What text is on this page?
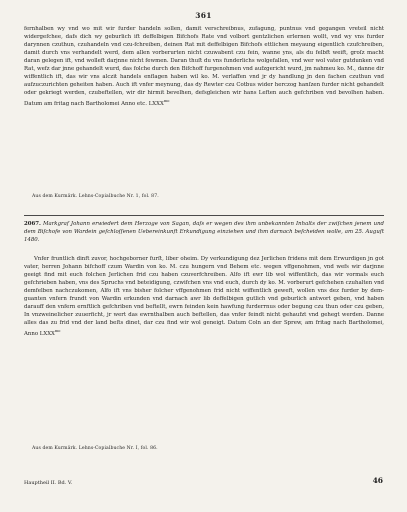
361

fernhalben wy vnd wo mit wir furder handeln sollen, damit verschreibnus, zufagung, puntnus vnd gegangen vreteil nicht widergefchee, dafs dich wy geburlich ift deffelbigen Bifchofs Rate vnd volbort gentzlichen erlernen wollt, vnd wy vns furder darynnen czuthun, czuhandeln vnd czu-fchreiben, deinen Rat mit deffelbigen Bifchofs ettlichen meyaung eigentlich czufchreiben, damit durch vns verhandelt werd, dem allen vorberurten nicht czuwabent czu fein, wanne yns, als du felbft weift, groſz macht daran gelegen ift, vnd wolleft darjnne nicht fewmen. Daran thuſt du vns funderlichs wolgefallen, vnd wer wol vater gutdunken vnd Rat, wefz dar jnne gehandelt wurd, das folche durch den Bifchoff furgenohmen vnd aufzgericht wurd, jm nahmeu ko. M., danne dir wiffentlich ift, das wir vns alczit handels enflagen haben wil ko. M. verlaffen vnd jr dy handlung jn den fachen czuthun vnd aufzuczurichten geheiten haben. Auch ift vnfer meynung, das dy Rewter czu Cotbus wider herczog hanſzen furder nicht gehandelt oder gekriegt werden, czubeftellen, wir dir hirmit bevelhen, defsgleichen wir hans Leften auch gefchriben vnd bevolhen haben. Datum am fritag nach Bartholomei Anno etc. $LXXX^{mo}$

Aus dem Kurmärk. Lehns-Copialbuche Nr. 1, fol. 87.

2067. Markgraf Johann erwiedert dem Herzoge von Sagan, daſs er wegen des ihm unbekannten Inhalts der zwiſchen jenem und dem Biſchofe von Wardein geſchloſſenen Uebereinkunft Erkundigung einziehen und ihm darnach beſcheiden wolle, am 25. Auguſt 1480.

Vnfer fruntlich dinft zuvor, hochgeborner furſt, liber oheim. Dy verkundigung dez Jerlichen fridens mit dem Erwurdigen jn got vater, herren Johann bifchoff czum Wardin von ko. M. czu hungern vnd Behem etc. wegen vffgenohmen, vnd wefs wir darjnne geeigt find mit euch folchen Jerlichen frid czu haben czuverfchreiben. Alfo ift ewr lib wol wiffentlich, das wir vormals euch gefchrieben haben, vns des Spruchs vnd beteidigung, czwifchen vns vnd euch, durch dy ko. M. vorberurt gefchehen czuhalten vnd demfelben nachczukomen, Alfo ift vns bisher folcher vffgenohmen frid nicht wiffentlich geweft, wollen vns dez furder by dem-guanten vnfern frundt von Wardin erkunden vnd darnach awr lib deffelbigen gutlich vnd geburlich antwort geben, vnd haben darauff den vnfern ernftlich gefchriben vnd beftellt, ewrn feinden kein hawfung furderrnus oder begung czu thun oder czu geben, In vnzweinelicher zuuerficht, jr wert das ewrnthalben auch beftellen, das vnfer feindt nicht gehaufzt vnd gehegt werden. Danne alles das zu frid vnd der land beſts dinet, dar czu find wir wol geneigt. Datum Coln an der Sprew, am fritag nach Bartholomei, Anno $LXXX^{mo}$

Aus dem Kurmärk. Lehns-Copialbuche Nr. I, fol. 86.
Hauptheil II. Bd. V.	46
